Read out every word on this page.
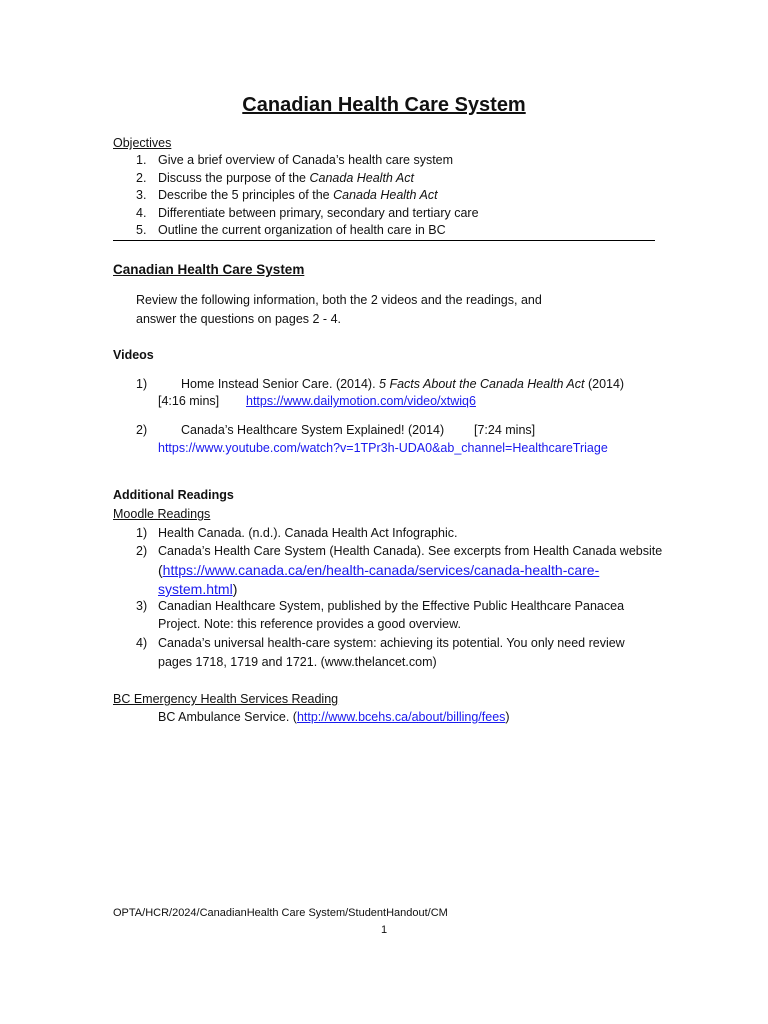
Canadian Health Care System
Objectives
1. Give a brief overview of Canada’s health care system
2. Discuss the purpose of the Canada Health Act
3. Describe the 5 principles of the Canada Health Act
4. Differentiate between primary, secondary and tertiary care
5. Outline the current organization of health care in BC
Canadian Health Care System
Review the following information, both the 2 videos and the readings, and
answer the questions on pages 2 - 4.
Videos
1)	Home Instead Senior Care. (2014). 5 Facts About the Canada Health Act (2014)
[4:16 mins] https://www.dailymotion.com/video/xtwiq6
2)	Canada’s Healthcare System Explained! (2014) [7:24 mins]
https://www.youtube.com/watch?v=1TPr3h-UDA0&ab_channel=HealthcareTriage
Additional Readings
Moodle Readings
1) Health Canada. (n.d.). Canada Health Act Infographic.
2) Canada’s Health Care System (Health Canada). See excerpts from Health Canada website
(https://www.canada.ca/en/health-canada/services/canada-health-care-
system.html)
3) Canadian Healthcare System, published by the Effective Public Healthcare Panacea
Project. Note: this reference provides a good overview.
4) Canada’s universal health-care system: achieving its potential. You only need review
pages 1718, 1719 and 1721. (www.thelancet.com)
BC Emergency Health Services Reading
BC Ambulance Service. (http://www.bcehs.ca/about/billing/fees)
OPTA/HCR/2024/CanadianHealth Care System/StudentHandout/CM
1
